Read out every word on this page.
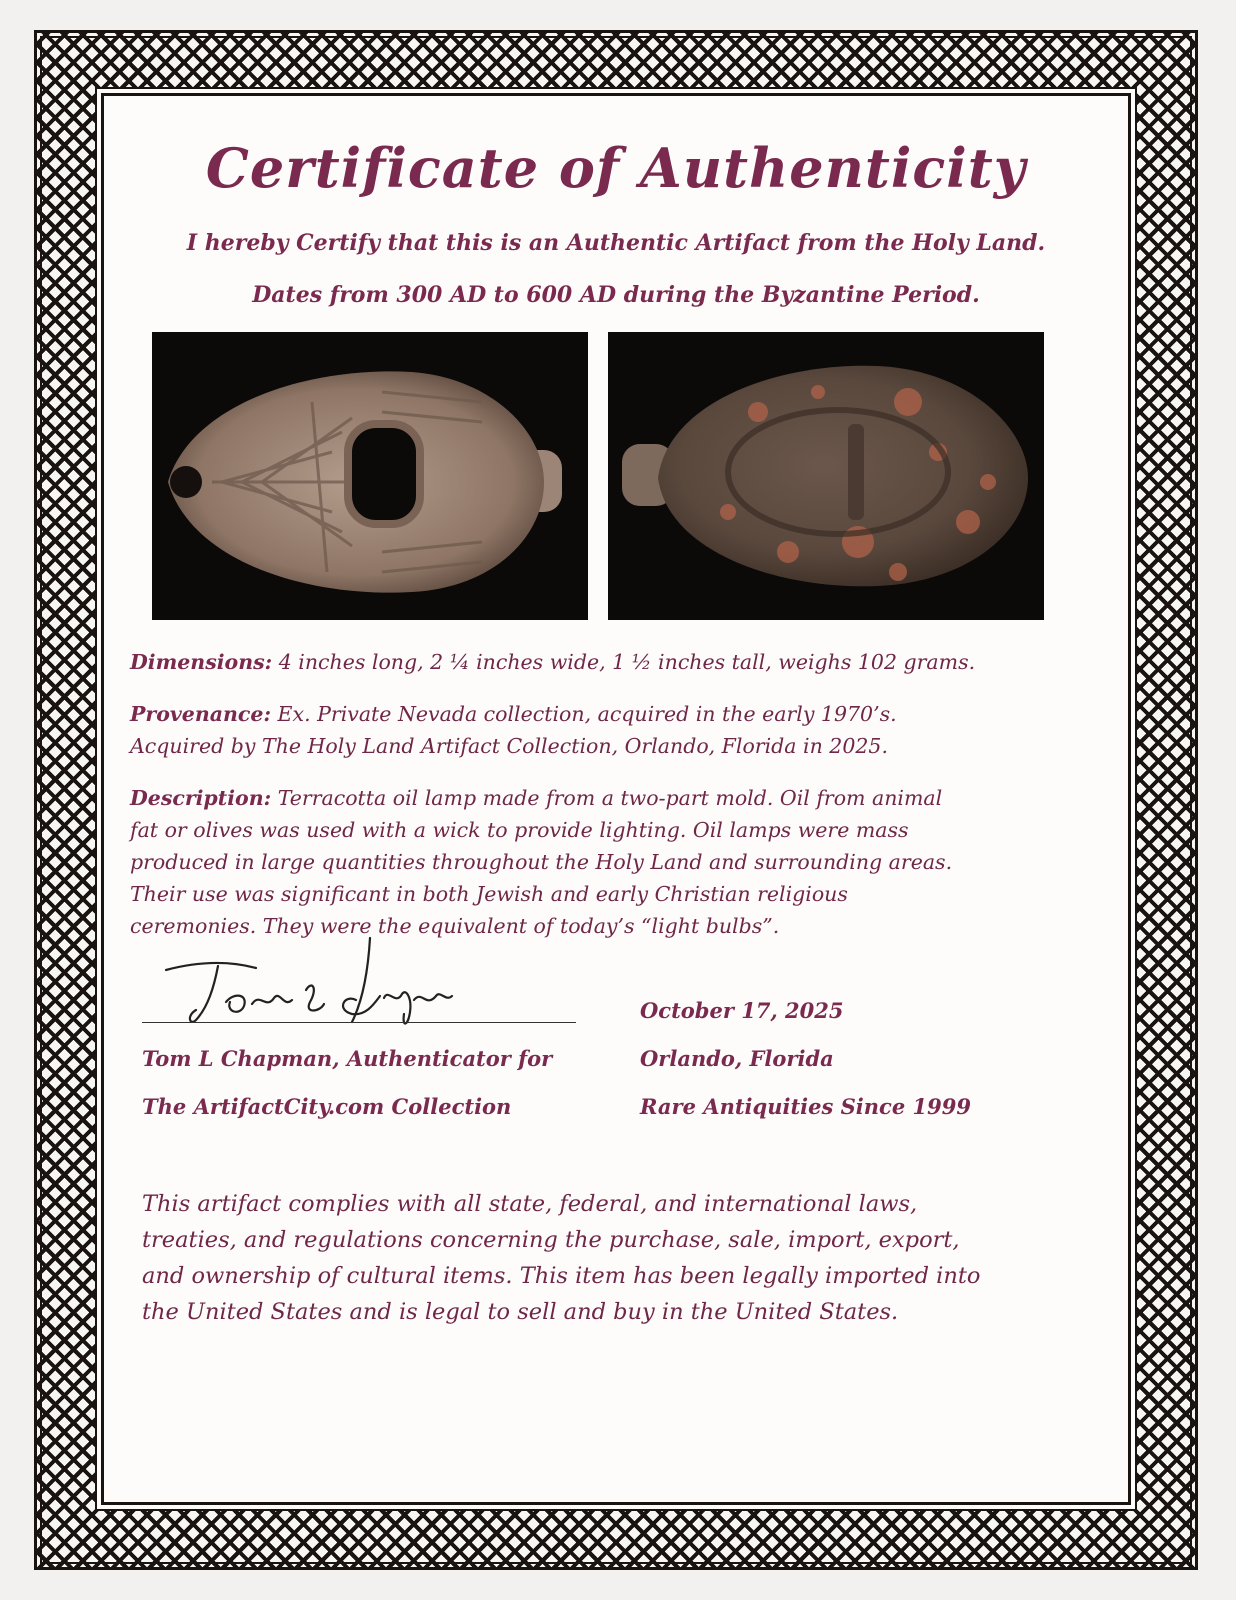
Certificate of Authenticity
I hereby Certify that this is an Authentic Artifact from the Holy Land.
Dates from 300 AD to 600 AD during the Byzantine Period.
Dimensions: 4 inches long, 2 ¼ inches wide, 1 ½ inches tall, weighs 102 grams.
Provenance: Ex. Private Nevada collection, acquired in the early 1970’s.
Acquired by The Holy Land Artifact Collection, Orlando, Florida in 2025.
Description: Terracotta oil lamp made from a two-part mold. Oil from animal
fat or olives was used with a wick to provide lighting. Oil lamps were mass
produced in large quantities throughout the Holy Land and surrounding areas.
Their use was significant in both Jewish and early Christian religious
ceremonies. They were the equivalent of today’s “light bulbs”.
Tom L Chapman, Authenticator for
The ArtifactCity.com Collection
October 17, 2025
Orlando, Florida
Rare Antiquities Since 1999
This artifact complies with all state, federal, and international laws,
treaties, and regulations concerning the purchase, sale, import, export,
and ownership of cultural items. This item has been legally imported into
the United States and is legal to sell and buy in the United States.
